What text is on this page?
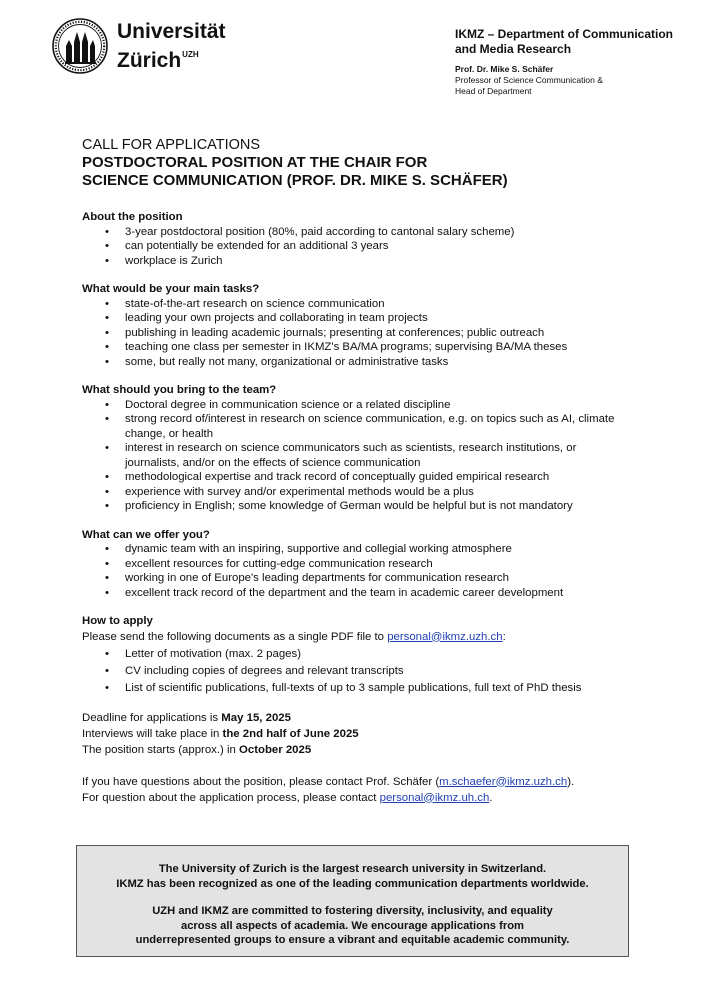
Universität
Zürich$^{UZH}$
IKMZ – Department of Communication and Media Research
Prof. Dr. Mike S. Schäfer
Professor of Science Communication &
Head of Department
CALL FOR APPLICATIONS
POSTDOCTORAL POSITION AT THE CHAIR FOR
SCIENCE COMMUNICATION (PROF. DR. MIKE S. SCHÄFER)

About the position

• 3-year postdoctoral position (80%, paid according to cantonal salary scheme)
• can potentially be extended for an additional 3 years
• workplace is Zurich

What would be your main tasks?

• state-of-the-art research on science communication
• leading your own projects and collaborating in team projects
• publishing in leading academic journals; presenting at conferences; public outreach
• teaching one class per semester in IKMZ's BA/MA programs; supervising BA/MA theses
• some, but really not many, organizational or administrative tasks

What should you bring to the team?

• Doctoral degree in communication science or a related discipline
• strong record of/interest in research on science communication, e.g. on topics such as AI, climate change, or health
• interest in research on science communicators such as scientists, research institutions, or journalists, and/or on the effects of science communication
• methodological expertise and track record of conceptually guided empirical research
• experience with survey and/or experimental methods would be a plus
• proficiency in English; some knowledge of German would be helpful but is not mandatory

What can we offer you?

• dynamic team with an inspiring, supportive and collegial working atmosphere
• excellent resources for cutting-edge communication research
• working in one of Europe's leading departments for communication research
• excellent track record of the department and the team in academic career development

How to apply

Please send the following documents as a single PDF file to personal@ikmz.uzh.ch:

• Letter of motivation (max. 2 pages)
• CV including copies of degrees and relevant transcripts
• List of scientific publications, full-texts of up to 3 sample publications, full text of PhD thesis

Deadline for applications is May 15, 2025

Interviews will take place in the 2nd half of June 2025

The position starts (approx.) in October 2025

If you have questions about the position, please contact Prof. Schäfer (m.schaefer@ikmz.uzh.ch).

For question about the application process, please contact personal@ikmz.uh.ch.

The University of Zurich is the largest research university in Switzerland.

IKMZ has been recognized as one of the leading communication departments worldwide.

UZH and IKMZ are committed to fostering diversity, inclusivity, and equality

across all aspects of academia. We encourage applications from

underrepresented groups to ensure a vibrant and equitable academic community.
